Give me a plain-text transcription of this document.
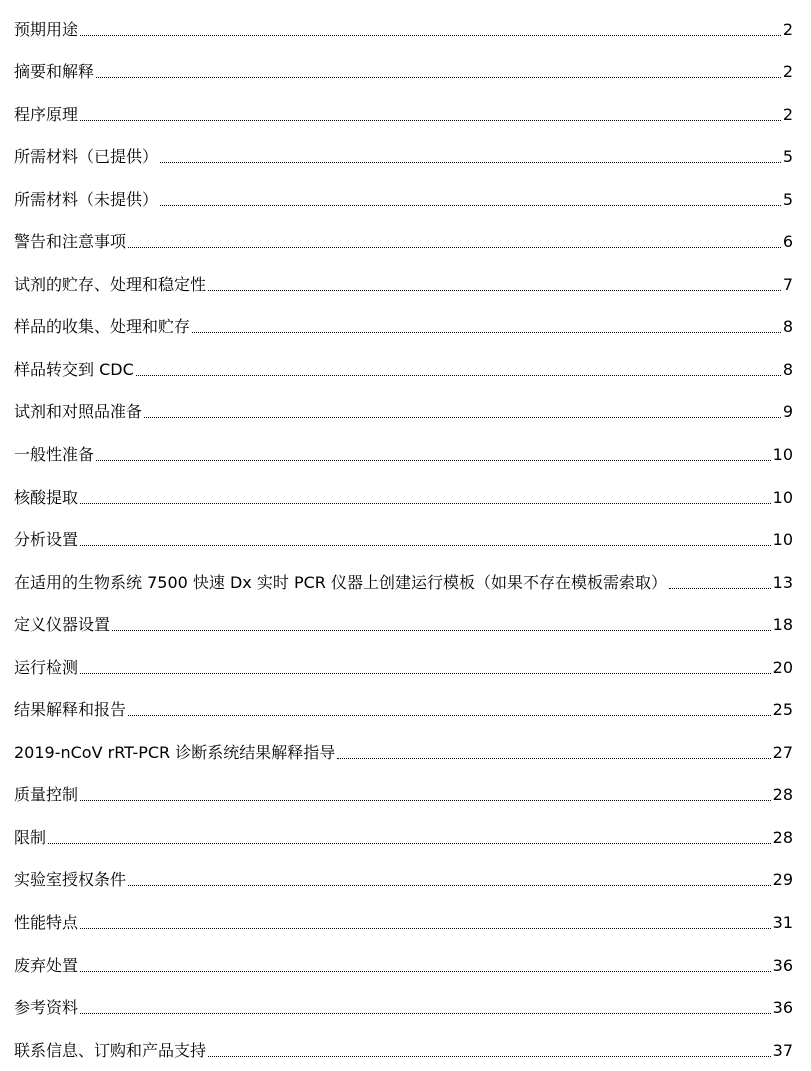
预期用途	2
摘要和解释	2
程序原理	2
所需材料（已提供）	5
所需材料（未提供）	5
警告和注意事项	6
试剂的贮存、处理和稳定性	7
样品的收集、处理和贮存	8
样品转交到 CDC	8
试剂和对照品准备	9
一般性准备	10
核酸提取	10
分析设置	10
在适用的生物系统 7500 快速 Dx 实时 PCR 仪器上创建运行模板（如果不存在模板需索取）	13
定义仪器设置	18
运行检测	20
结果解释和报告	25
2019-nCoV rRT-PCR 诊断系统结果解释指导	27
质量控制	28
限制	28
实验室授权条件	29
性能特点	31
废弃处置	36
参考资料	36
联系信息、订购和产品支持	37
